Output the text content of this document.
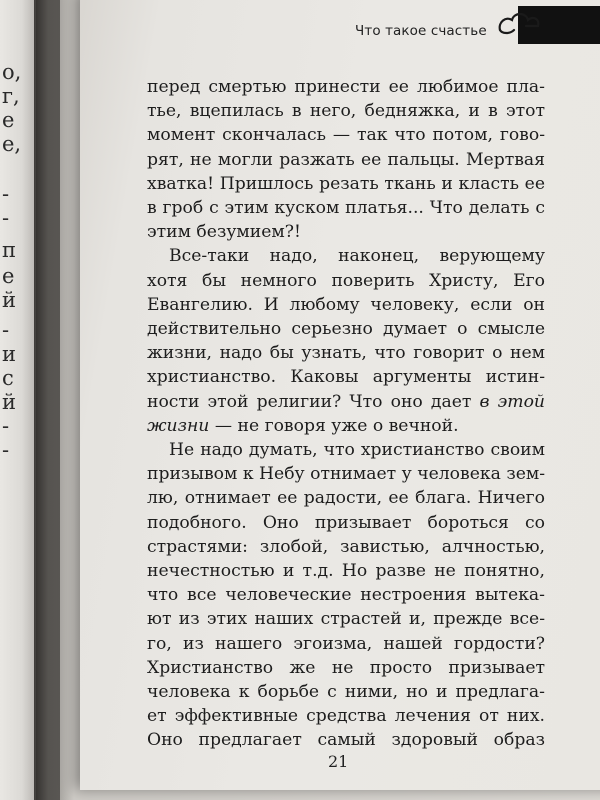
о,
г,
е
е,
-
-
п
е
й
-
и
с
й
-
-
Что такое счастье
перед смертью принести ее любимое пла-
тье, вцепилась в него, бедняжка, и в этот
момент скончалась — так что потом, гово-
рят, не могли разжать ее пальцы. Мертвая
хватка! Пришлось резать ткань и класть ее
в гроб с этим куском платья... Что делать с
этим безумием?!
Все-таки надо, наконец, верующему
хотя бы немного поверить Христу, Его
Евангелию. И любому человеку, если он
действительно серьезно думает о смысле
жизни, надо бы узнать, что говорит о нем
христианство. Каковы аргументы истин-
ности этой религии? Что оно дает в этой
жизни — не говоря уже о вечной.
Не надо думать, что христианство своим
призывом к Небу отнимает у человека зем-
лю, отнимает ее радости, ее блага. Ничего
подобного. Оно призывает бороться со
страстями: злобой, завистью, алчностью,
нечестностью и т.д. Но разве не понятно,
что все человеческие нестроения вытека-
ют из этих наших страстей и, прежде все-
го, из нашего эгоизма, нашей гордости?
Христианство же не просто призывает
человека к борьбе с ними, но и предлага-
ет эффективные средства лечения от них.
Оно предлагает самый здоровый образ
21
